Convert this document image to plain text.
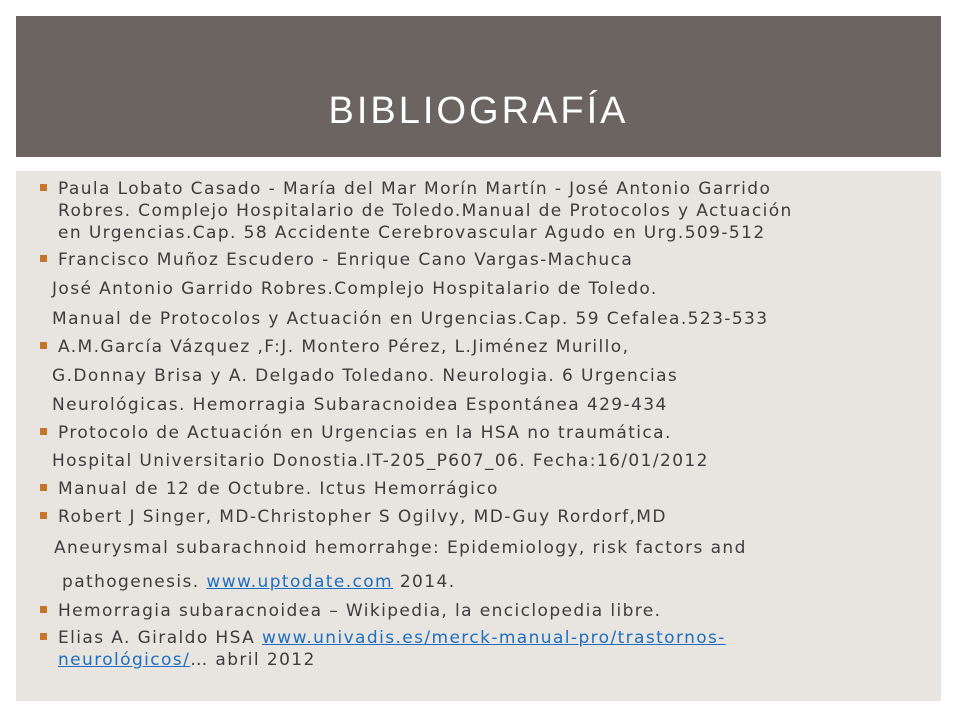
BIBLIOGRAFÍA
Paula Lobato Casado - María del Mar Morín Martín - José Antonio Garrido
Robres. Complejo Hospitalario de Toledo.Manual de Protocolos y Actuación
en Urgencias.Cap. 58 Accidente Cerebrovascular Agudo en Urg.509-512
Francisco Muñoz Escudero - Enrique Cano Vargas-Machuca
José Antonio Garrido Robres.Complejo Hospitalario de Toledo.
Manual de Protocolos y Actuación en Urgencias.Cap. 59 Cefalea.523-533
A.M.García Vázquez ,F:J. Montero Pérez, L.Jiménez Murillo,
G.Donnay Brisa y A. Delgado Toledano. Neurologia. 6 Urgencias
Neurológicas. Hemorragia Subaracnoidea Espontánea 429-434
Protocolo de Actuación en Urgencias en la HSA no traumática.
Hospital Universitario Donostia.IT-205_P607_06. Fecha:16/01/2012
Manual de 12 de Octubre. Ictus Hemorrágico
Robert J Singer, MD-Christopher S Ogilvy, MD-Guy Rordorf,MD
Aneurysmal subarachnoid hemorrahge: Epidemiology, risk factors and
pathogenesis. www.uptodate.com 2014.
Hemorragia subaracnoidea – Wikipedia, la enciclopedia libre.
Elias A. Giraldo HSA www.univadis.es/merck-manual-pro/trastornos-
neurológicos/… abril 2012
